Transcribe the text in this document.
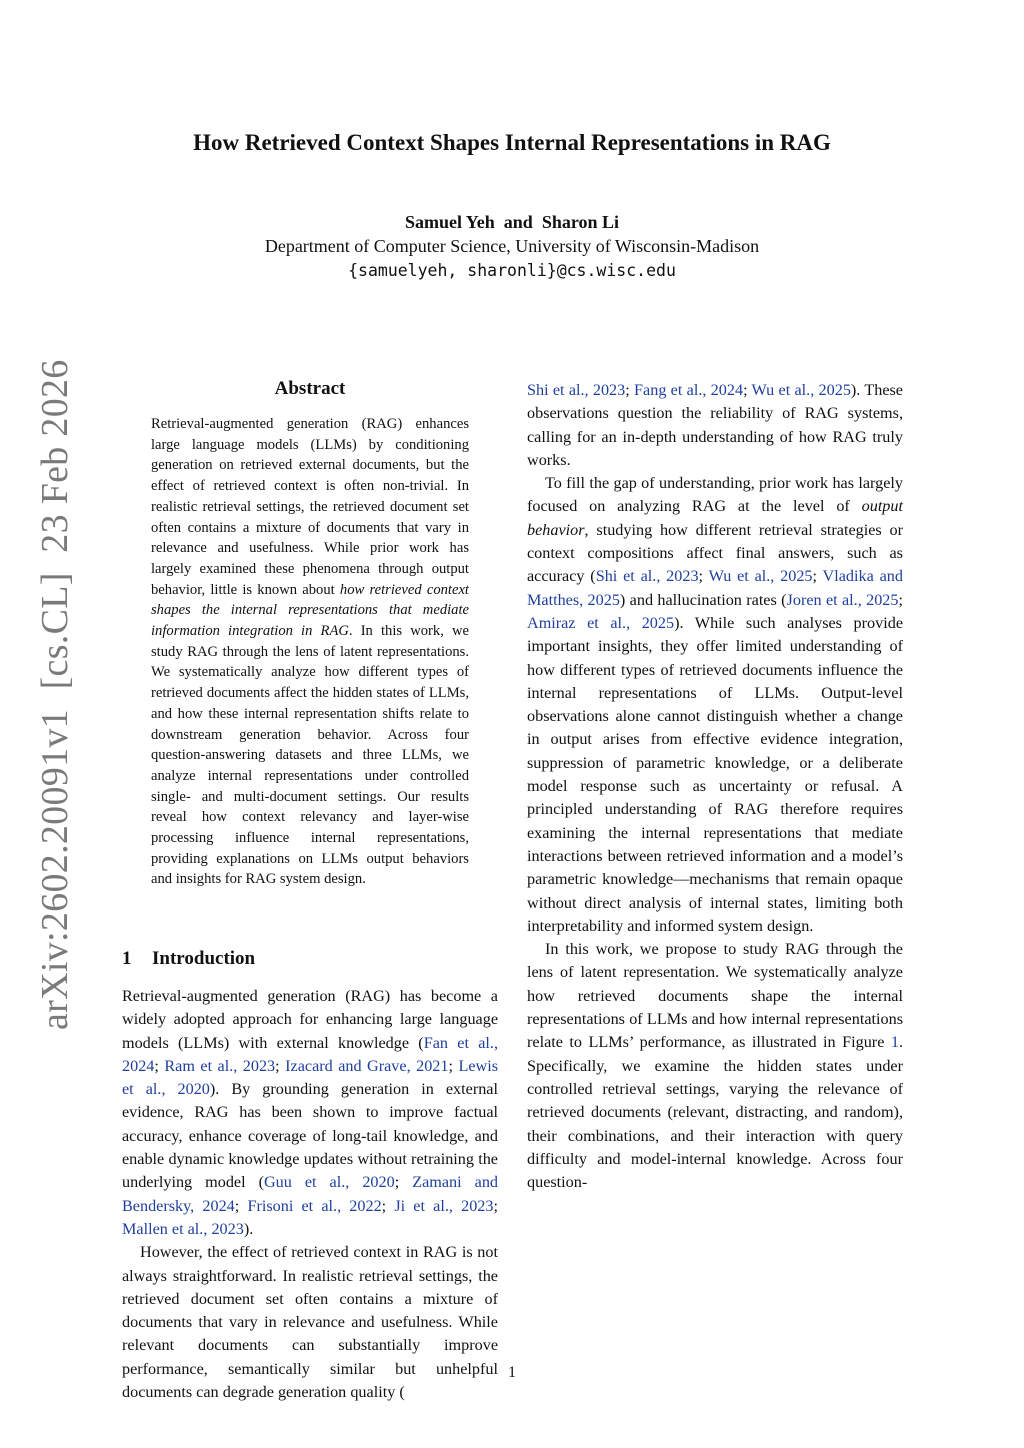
How Retrieved Context Shapes Internal Representations in RAG
Samuel Yeh  and  Sharon Li
Department of Computer Science, University of Wisconsin-Madison
{samuelyeh, sharonli}@cs.wisc.edu
arXiv:2602.20091v1  [cs.CL]  23 Feb 2026	Abstract
Retrieval-augmented generation (RAG) enhances large language models (LLMs) by conditioning generation on retrieved external documents, but the effect of retrieved context is often non-trivial. In realistic retrieval settings, the retrieved document set often contains a mixture of documents that vary in relevance and usefulness. While prior work has largely examined these phenomena through output behavior, little is known about how retrieved context shapes the internal representations that mediate information integration in RAG. In this work, we study RAG through the lens of latent representations. We systematically analyze how different types of retrieved documents affect the hidden states of LLMs, and how these internal representation shifts relate to downstream generation behavior. Across four question-answering datasets and three LLMs, we analyze internal representations under controlled single- and multi-document settings. Our results reveal how context relevancy and layer-wise processing influence internal representations, providing explanations on LLMs output behaviors and insights for RAG system design.
1 Introduction

Retrieval-augmented generation (RAG) has become a widely adopted approach for enhancing large language models (LLMs) with external knowledge (Fan et al., 2024; Ram et al., 2023; Izacard and Grave, 2021; Lewis et al., 2020). By grounding generation in external evidence, RAG has been shown to improve factual accuracy, enhance coverage of long-tail knowledge, and enable dynamic knowledge updates without retraining the underlying model (Guu et al., 2020; Zamani and Bendersky, 2024; Frisoni et al., 2022; Ji et al., 2023; Mallen et al., 2023).

However, the effect of retrieved context in RAG is not always straightforward. In realistic retrieval settings, the retrieved document set often contains a mixture of documents that vary in relevance and usefulness. While relevant documents can substantially improve performance, semantically similar but unhelpful documents can degrade generation quality (

Shi et al., 2023; Fang et al., 2024; Wu et al., 2025). These observations question the reliability of RAG systems, calling for an in-depth understanding of how RAG truly works.

To fill the gap of understanding, prior work has largely focused on analyzing RAG at the level of output behavior, studying how different retrieval strategies or context compositions affect final answers, such as accuracy (Shi et al., 2023; Wu et al., 2025; Vladika and Matthes, 2025) and hallucination rates (Joren et al., 2025; Amiraz et al., 2025). While such analyses provide important insights, they offer limited understanding of how different types of retrieved documents influence the internal representations of LLMs. Output-level observations alone cannot distinguish whether a change in output arises from effective evidence integration, suppression of parametric knowledge, or a deliberate model response such as uncertainty or refusal. A principled understanding of RAG therefore requires examining the internal representations that mediate interactions between retrieved information and a model’s parametric knowledge—mechanisms that remain opaque without direct analysis of internal states, limiting both interpretability and informed system design.

In this work, we propose to study RAG through the lens of latent representation. We systematically analyze how retrieved documents shape the internal representations of LLMs and how internal representations relate to LLMs’ performance, as illustrated in Figure 1. Specifically, we examine the hidden states under controlled retrieval settings, varying the relevance of retrieved documents (relevant, distracting, and random), their combinations, and their interaction with query difficulty and model-internal knowledge. Across four question-

1
